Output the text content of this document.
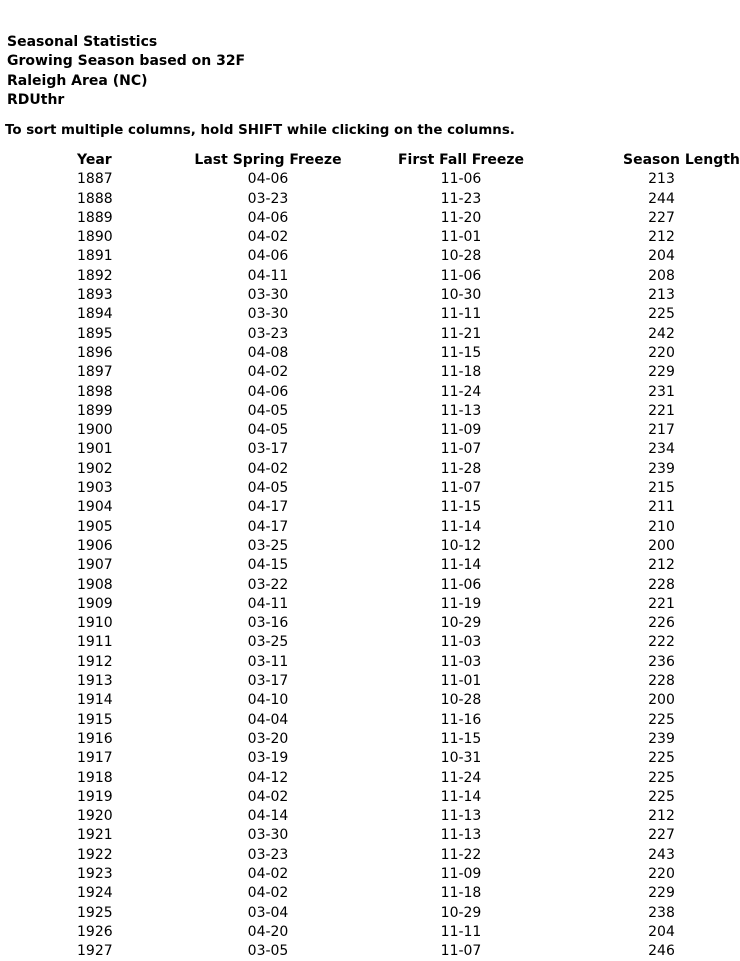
Seasonal Statistics
Growing Season based on 32F
Raleigh Area (NC)
RDUthr
To sort multiple columns, hold SHIFT while clicking on the columns.
Year	Last Spring Freeze	First Fall Freeze	Season Length
1887	04-06	11-06	213
1888	03-23	11-23	244
1889	04-06	11-20	227
1890	04-02	11-01	212
1891	04-06	10-28	204
1892	04-11	11-06	208
1893	03-30	10-30	213
1894	03-30	11-11	225
1895	03-23	11-21	242
1896	04-08	11-15	220
1897	04-02	11-18	229
1898	04-06	11-24	231
1899	04-05	11-13	221
1900	04-05	11-09	217
1901	03-17	11-07	234
1902	04-02	11-28	239
1903	04-05	11-07	215
1904	04-17	11-15	211
1905	04-17	11-14	210
1906	03-25	10-12	200
1907	04-15	11-14	212
1908	03-22	11-06	228
1909	04-11	11-19	221
1910	03-16	10-29	226
1911	03-25	11-03	222
1912	03-11	11-03	236
1913	03-17	11-01	228
1914	04-10	10-28	200
1915	04-04	11-16	225
1916	03-20	11-15	239
1917	03-19	10-31	225
1918	04-12	11-24	225
1919	04-02	11-14	225
1920	04-14	11-13	212
1921	03-30	11-13	227
1922	03-23	11-22	243
1923	04-02	11-09	220
1924	04-02	11-18	229
1925	03-04	10-29	238
1926	04-20	11-11	204
1927	03-05	11-07	246
